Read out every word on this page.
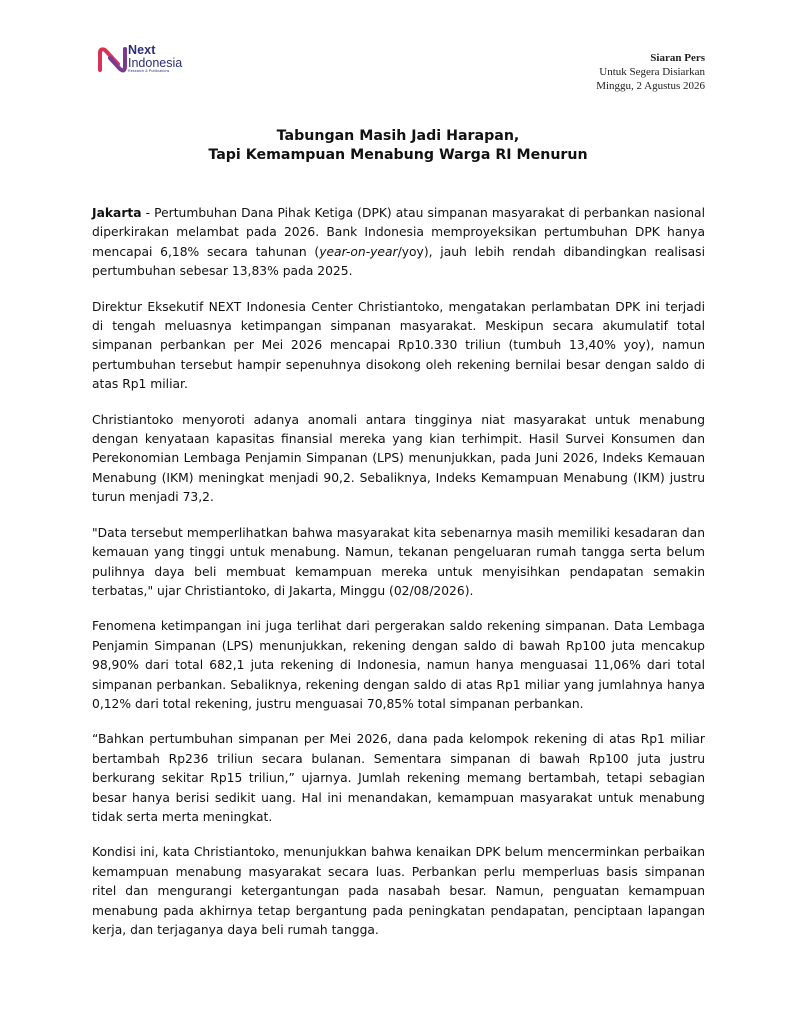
Next
Indonesia
Research & Publications
Siaran Pers
Untuk Segera Disiarkan
Minggu, 2 Agustus 2026
Tabungan Masih Jadi Harapan,
Tapi Kemampuan Menabung Warga RI Menurun

Jakarta - Pertumbuhan Dana Pihak Ketiga (DPK) atau simpanan masyarakat di perbankan nasional diperkirakan melambat pada 2026. Bank Indonesia memproyeksikan pertumbuhan DPK hanya mencapai 6,18% secara tahunan (year-on-year/yoy), jauh lebih rendah dibandingkan realisasi pertumbuhan sebesar 13,83% pada 2025.

Direktur Eksekutif NEXT Indonesia Center Christiantoko, mengatakan perlambatan DPK ini terjadi di tengah meluasnya ketimpangan simpanan masyarakat. Meskipun secara akumulatif total simpanan perbankan per Mei 2026 mencapai Rp10.330 triliun (tumbuh 13,40% yoy), namun pertumbuhan tersebut hampir sepenuhnya disokong oleh rekening bernilai besar dengan saldo di atas Rp1 miliar.

Christiantoko menyoroti adanya anomali antara tingginya niat masyarakat untuk menabung dengan kenyataan kapasitas finansial mereka yang kian terhimpit. Hasil Survei Konsumen dan Perekonomian Lembaga Penjamin Simpanan (LPS) menunjukkan, pada Juni 2026, Indeks Kemauan Menabung (IKM) meningkat menjadi 90,2. Sebaliknya, Indeks Kemampuan Menabung (IKM) justru turun menjadi 73,2.

"Data tersebut memperlihatkan bahwa masyarakat kita sebenarnya masih memiliki kesadaran dan kemauan yang tinggi untuk menabung. Namun, tekanan pengeluaran rumah tangga serta belum pulihnya daya beli membuat kemampuan mereka untuk menyisihkan pendapatan semakin terbatas," ujar Christiantoko, di Jakarta, Minggu (02/08/2026).

Fenomena ketimpangan ini juga terlihat dari pergerakan saldo rekening simpanan. Data Lembaga Penjamin Simpanan (LPS) menunjukkan, rekening dengan saldo di bawah Rp100 juta mencakup 98,90% dari total 682,1 juta rekening di Indonesia, namun hanya menguasai 11,06% dari total simpanan perbankan. Sebaliknya, rekening dengan saldo di atas Rp1 miliar yang jumlahnya hanya 0,12% dari total rekening, justru menguasai 70,85% total simpanan perbankan.

“Bahkan pertumbuhan simpanan per Mei 2026, dana pada kelompok rekening di atas Rp1 miliar bertambah Rp236 triliun secara bulanan. Sementara simpanan di bawah Rp100 juta justru berkurang sekitar Rp15 triliun,” ujarnya. Jumlah rekening memang bertambah, tetapi sebagian besar hanya berisi sedikit uang. Hal ini menandakan, kemampuan masyarakat untuk menabung tidak serta merta meningkat.

Kondisi ini, kata Christiantoko, menunjukkan bahwa kenaikan DPK belum mencerminkan perbaikan kemampuan menabung masyarakat secara luas. Perbankan perlu memperluas basis simpanan ritel dan mengurangi ketergantungan pada nasabah besar. Namun, penguatan kemampuan menabung pada akhirnya tetap bergantung pada peningkatan pendapatan, penciptaan lapangan kerja, dan terjaganya daya beli rumah tangga.
